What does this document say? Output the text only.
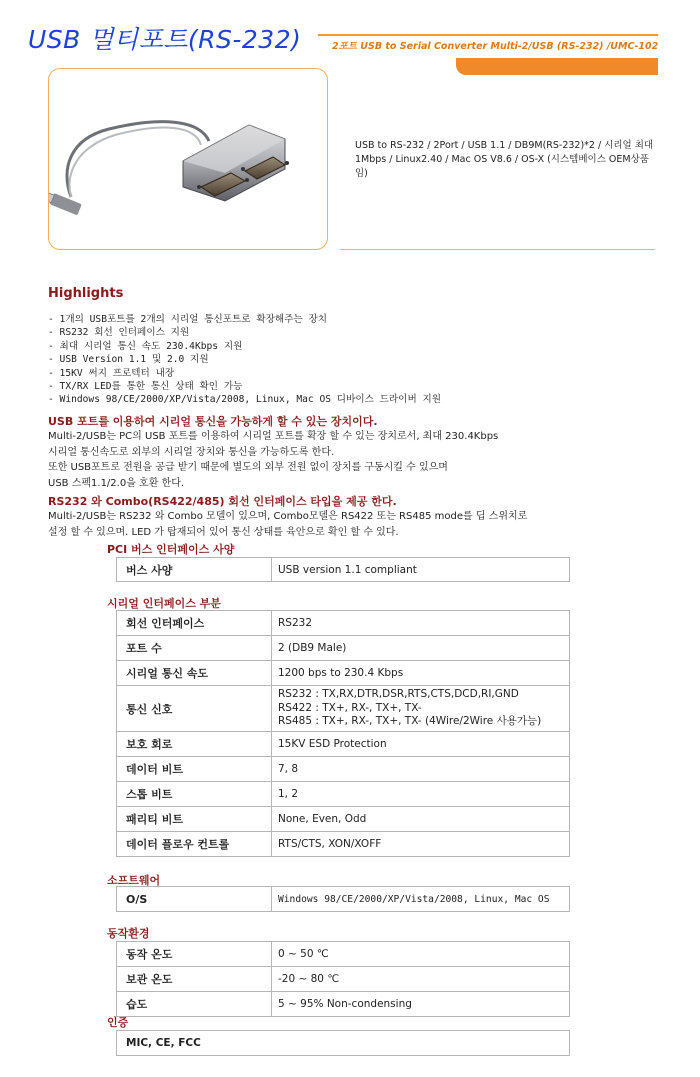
USB 멀티포트(RS-232)	2포트 USB to Serial Converter Multi-2/USB (RS-232) /UMC-102
USB to RS-232 / 2Port / USB 1.1 / DB9M(RS-232)*2 / 시리얼 최대 1Mbps / Linux2.40 / Mac OS V8.6 / OS-X (시스템베이스 OEM상품임)
Highlights
- 1개의 USB포트를 2개의 시리얼 통신포트로 확장해주는 장치
- RS232 회선 인터페이스 지원
- 최대 시리얼 통신 속도 230.4Kbps 지원
- USB Version 1.1 및 2.0 지원
- 15KV 써지 프로텍터 내장
- TX/RX LED를 통한 통신 상태 확인 가능
- Windows 98/CE/2000/XP/Vista/2008, Linux, Mac OS 디바이스 드라이버 지원
USB 포트를 이용하여 시리얼 통신을 가능하게 할 수 있는 장치이다.
Multi-2/USB는 PC의 USB 포트를 이용하여 시리얼 포트를 확장 할 수 있는 장치로서, 최대 230.4Kbps
시리얼 통신속도로 외부의 시리얼 장치와 통신을 가능하도록 한다.
또한 USB포트로 전원을 공급 받기 때문에 별도의 외부 전원 없이 장치를 구동시킬 수 있으며
USB 스펙1.1/2.0을 호환 한다.
RS232 와 Combo(RS422/485) 회선 인터페이스 타입을 제공 한다.
Multi-2/USB는 RS232 와 Combo 모델이 있으며, Combo모델은 RS422 또는 RS485 mode를 딥 스위치로
설정 할 수 있으며. LED 가 탑재되어 있어 통신 상태를 육안으로 확인 할 수 있다.
PCI 버스 인터페이스 사양
버스 사양	USB version 1.1 compliant
시리얼 인터페이스 부분
회선 인터페이스	RS232
포트 수	2 (DB9 Male)
시리얼 통신 속도	1200 bps to 230.4 Kbps
통신 신호	RS232 : TX,RX,DTR,DSR,RTS,CTS,DCD,RI,GND
RS422 : TX+, RX-, TX+, TX-
RS485 : TX+, RX-, TX+, TX- (4Wire/2Wire 사용가능)

보호 회로	15KV ESD Protection
데이터 비트	7, 8
스톱 비트	1, 2
패리티 비트	None, Even, Odd
데이터 플로우 컨트롤	RTS/CTS, XON/XOFF
소프트웨어
O/S	Windows 98/CE/2000/XP/Vista/2008, Linux, Mac OS
동작환경
동작 온도	0 ~ 50 ℃
보관 온도	-20 ~ 80 ℃
습도	5 ~ 95% Non-condensing
인증
MIC, CE, FCC
